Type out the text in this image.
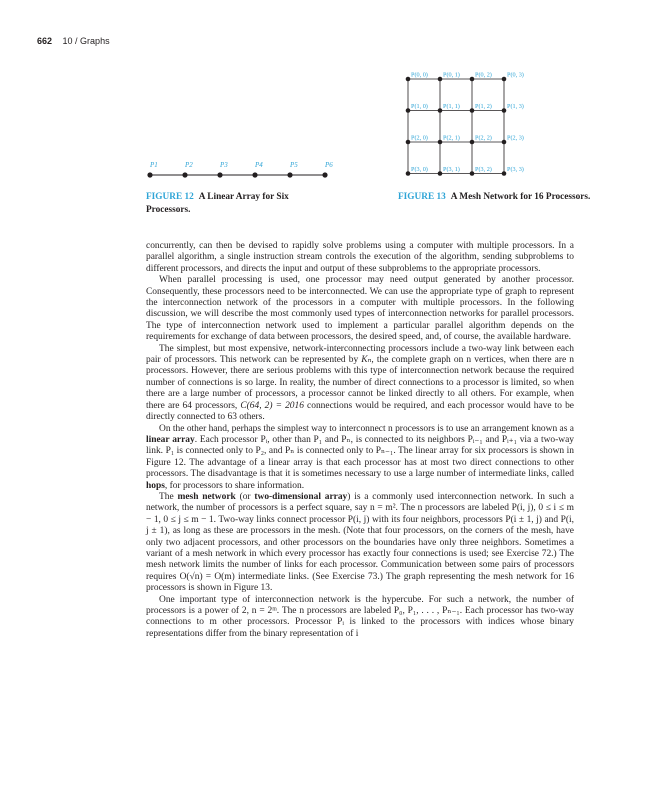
662 10 / Graphs
P1	P2	P3	P4	P5	P6
P(0, 0) P(0, 1) P(0, 2) P(0, 3)
P(1, 0) P(1, 1) P(1, 2) P(1, 3)
P(2, 0) P(2, 1) P(2, 2) P(2, 3)
P(3, 0) P(3, 1) P(3, 2) P(3, 3)
FIGURE 12 A Linear Array for Six Processors.
FIGURE 13 A Mesh Network for 16 Processors.

concurrently, can then be devised to rapidly solve problems using a computer with multiple processors. In a parallel algorithm, a single instruction stream controls the execution of the algorithm, sending subproblems to different processors, and directs the input and output of these subproblems to the appropriate processors.

When parallel processing is used, one processor may need output generated by another processor. Consequently, these processors need to be interconnected. We can use the appropriate type of graph to represent the interconnection network of the processors in a computer with multiple processors. In the following discussion, we will describe the most commonly used types of interconnection networks for parallel processors. The type of interconnection network used to implement a particular parallel algorithm depends on the requirements for exchange of data between processors, the desired speed, and, of course, the available hardware.

The simplest, but most expensive, network-interconnecting processors include a two-way link between each pair of processors. This network can be represented by Kₙ, the complete graph on n vertices, when there are n processors. However, there are serious problems with this type of interconnection network because the required number of connections is so large. In reality, the number of direct connections to a processor is limited, so when there are a large number of processors, a processor cannot be linked directly to all others. For example, when there are 64 processors, C(64, 2) = 2016 connections would be required, and each processor would have to be directly connected to 63 others.

On the other hand, perhaps the simplest way to interconnect n processors is to use an arrangement known as a linear array. Each processor Pᵢ, other than P₁ and Pₙ, is connected to its neighbors Pᵢ₋₁ and Pᵢ₊₁ via a two-way link. P₁ is connected only to P₂, and Pₙ is connected only to Pₙ₋₁. The linear array for six processors is shown in Figure 12. The advantage of a linear array is that each processor has at most two direct connections to other processors. The disadvantage is that it is sometimes necessary to use a large number of intermediate links, called hops, for processors to share information.

The mesh network (or two-dimensional array) is a commonly used interconnection network. In such a network, the number of processors is a perfect square, say n = m². The n processors are labeled P(i, j), 0 ≤ i ≤ m − 1, 0 ≤ j ≤ m − 1. Two-way links connect processor P(i, j) with its four neighbors, processors P(i ± 1, j) and P(i, j ± 1), as long as these are processors in the mesh. (Note that four processors, on the corners of the mesh, have only two adjacent processors, and other processors on the boundaries have only three neighbors. Sometimes a variant of a mesh network in which every processor has exactly four connections is used; see Exercise 72.) The mesh network limits the number of links for each processor. Communication between some pairs of processors requires O(√n) = O(m) intermediate links. (See Exercise 73.) The graph representing the mesh network for 16 processors is shown in Figure 13.

One important type of interconnection network is the hypercube. For such a network, the number of processors is a power of 2, n = 2ᵐ. The n processors are labeled P₀, P₁, . . . , Pₙ₋₁. Each processor has two-way connections to m other processors. Processor Pᵢ is linked to the processors with indices whose binary representations differ from the binary representation of i
